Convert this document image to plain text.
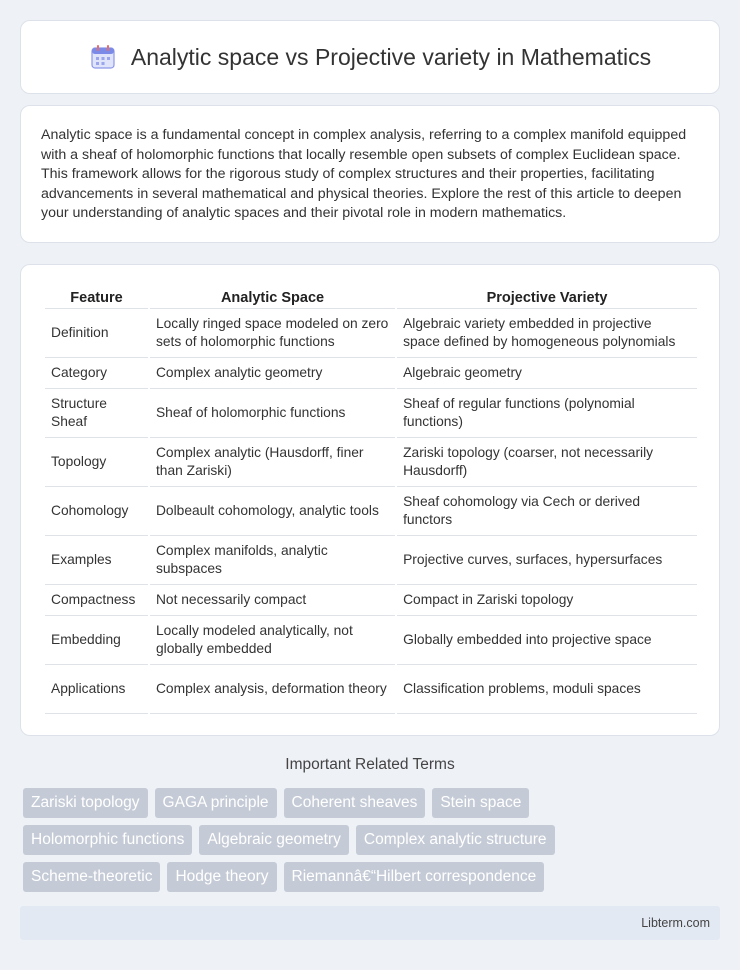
Analytic space vs Projective variety in Mathematics

Analytic space is a fundamental concept in complex analysis, referring to a complex manifold equipped with a sheaf of holomorphic functions that locally resemble open subsets of complex Euclidean space. This framework allows for the rigorous study of complex structures and their properties, facilitating advancements in several mathematical and physical theories. Explore the rest of this article to deepen your understanding of analytic spaces and their pivotal role in modern mathematics.

Feature	Analytic Space	Projective Variety
Definition	Locally ringed space modeled on zero sets of holomorphic functions	Algebraic variety embedded in projective space defined by homogeneous polynomials
Category	Complex analytic geometry	Algebraic geometry
Structure Sheaf	Sheaf of holomorphic functions	Sheaf of regular functions (polynomial functions)
Topology	Complex analytic (Hausdorff, finer than Zariski)	Zariski topology (coarser, not necessarily Hausdorff)
Cohomology	Dolbeault cohomology, analytic tools	Sheaf cohomology via Cech or derived functors
Examples	Complex manifolds, analytic subspaces	Projective curves, surfaces, hypersurfaces
Compactness	Not necessarily compact	Compact in Zariski topology
Embedding	Locally modeled analytically, not globally embedded	Globally embedded into projective space
Applications	Complex analysis, deformation theory	Classification problems, moduli spaces
Important Related Terms
Zariski topology	GAGA principle	Coherent sheaves	Stein space
Holomorphic functions	Algebraic geometry	Complex analytic structure
Scheme-theoretic	Hodge theory	Riemannâ€“Hilbert correspondence
Libterm.com
